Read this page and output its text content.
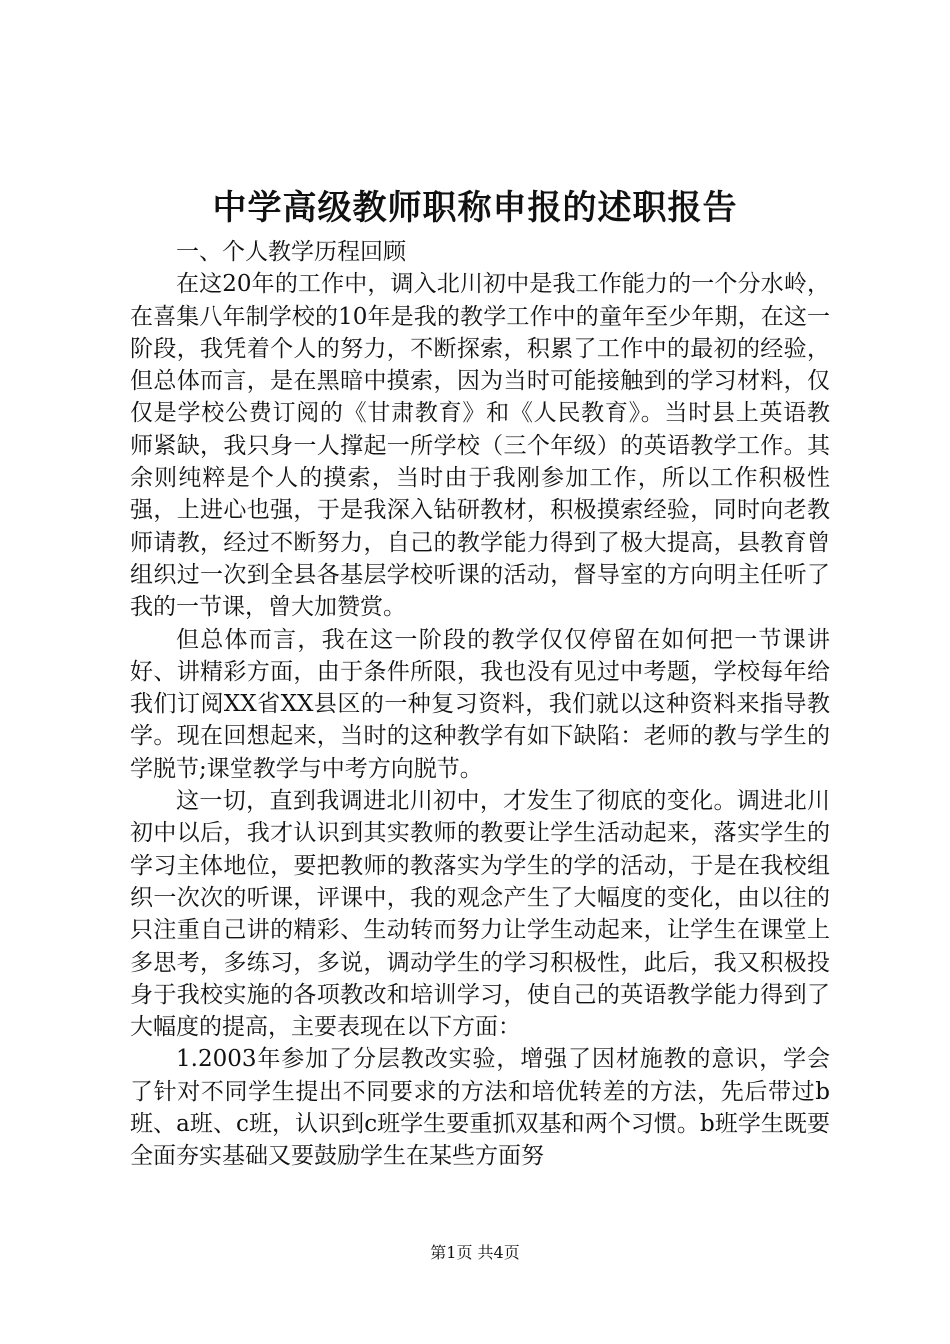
中学高级教师职称申报的述职报告

一、个人教学历程回顾

在这20年的工作中，调入北川初中是我工作能力的一个分水岭，在喜集八年制学校的10年是我的教学工作中的童年至少年期，在这一阶段，我凭着个人的努力，不断探索，积累了工作中的最初的经验，但总体而言，是在黑暗中摸索，因为当时可能接触到的学习材料，仅仅是学校公费订阅的《甘肃教育》和《人民教育》。当时县上英语教师紧缺，我只身一人撑起一所学校（三个年级）的英语教学工作。其余则纯粹是个人的摸索，当时由于我刚参加工作，所以工作积极性强，上进心也强，于是我深入钻研教材，积极摸索经验，同时向老教师请教，经过不断努力，自己的教学能力得到了极大提高，县教育曾组织过一次到全县各基层学校听课的活动，督导室的方向明主任听了我的一节课，曾大加赞赏。

但总体而言，我在这一阶段的教学仅仅停留在如何把一节课讲好、讲精彩方面，由于条件所限，我也没有见过中考题，学校每年给我们订阅XX省XX县区的一种复习资料，我们就以这种资料来指导教学。现在回想起来，当时的这种教学有如下缺陷：老师的教与学生的学脱节;课堂教学与中考方向脱节。

这一切，直到我调进北川初中，才发生了彻底的变化。调进北川初中以后，我才认识到其实教师的教要让学生活动起来，落实学生的学习主体地位，要把教师的教落实为学生的学的活动，于是在我校组织一次次的听课，评课中，我的观念产生了大幅度的变化，由以往的只注重自己讲的精彩、生动转而努力让学生动起来，让学生在课堂上多思考，多练习，多说，调动学生的学习积极性，此后，我又积极投身于我校实施的各项教改和培训学习，使自己的英语教学能力得到了大幅度的提高，主要表现在以下方面：

1.2003年参加了分层教改实验，增强了因材施教的意识，学会了针对不同学生提出不同要求的方法和培优转差的方法，先后带过b班、a班、c班，认识到c班学生要重抓双基和两个习惯。b班学生既要全面夯实基础又要鼓励学生在某些方面努

第1页 共4页
